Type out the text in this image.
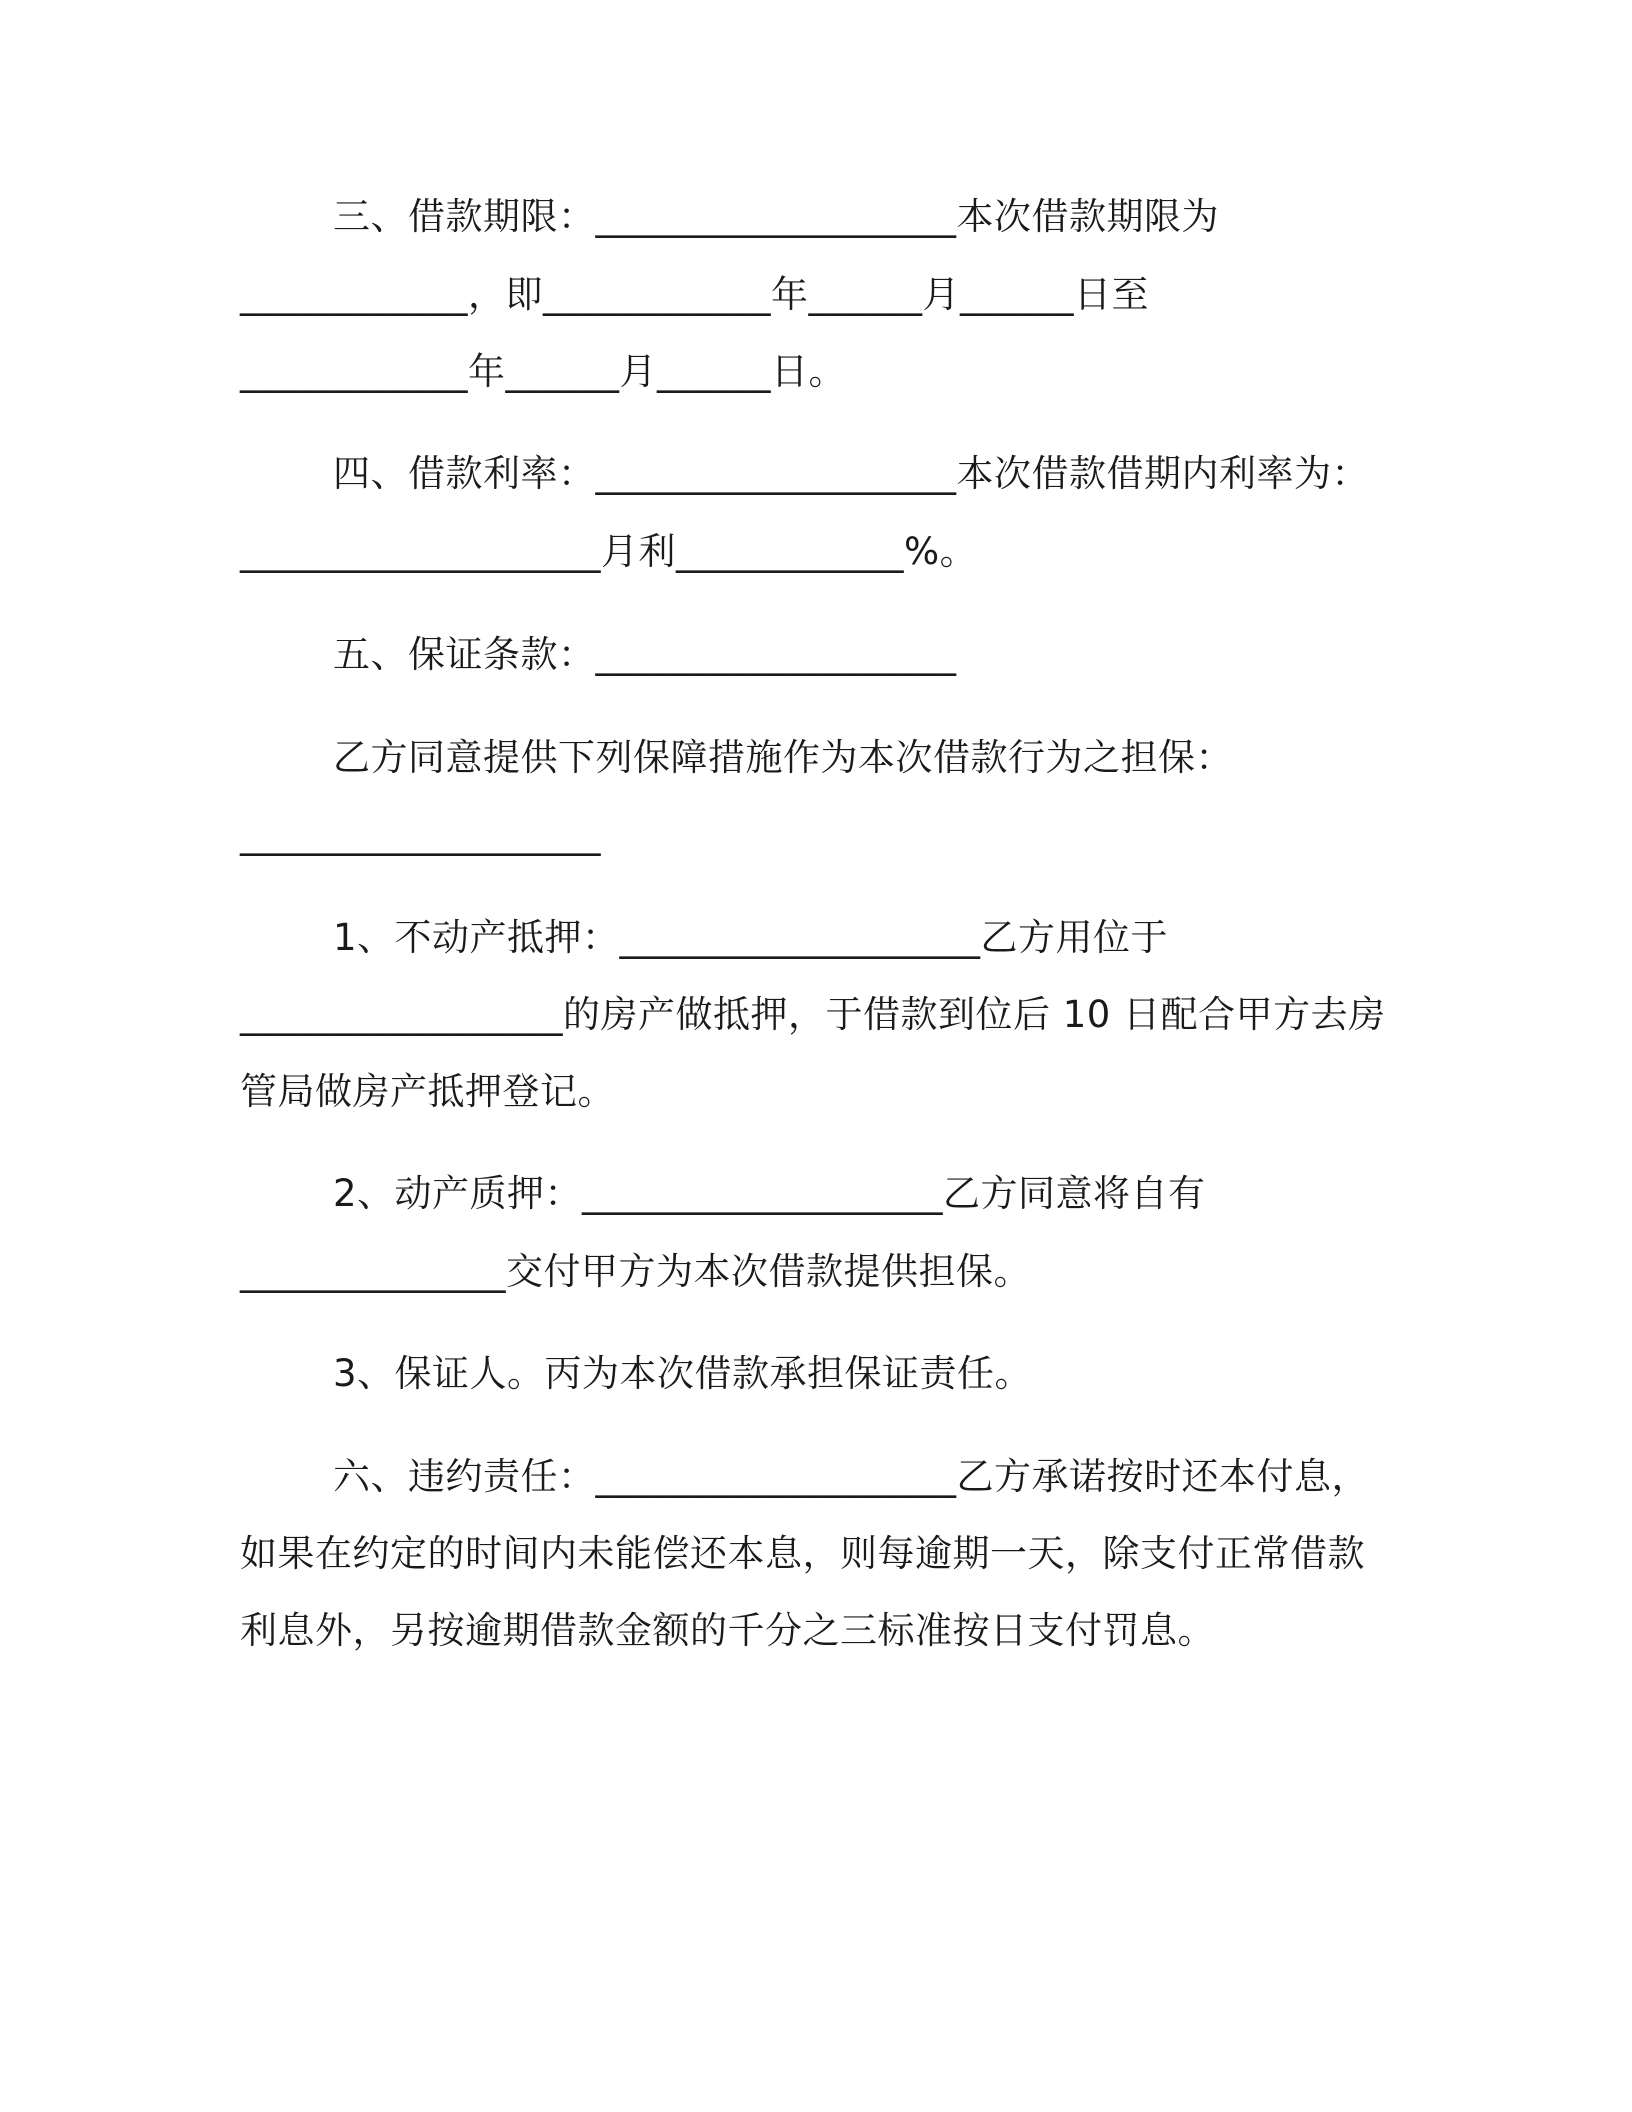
三、借款期限：___________________本次借款期限为
____________，即____________年______月______日至
____________年______月______日。
四、借款利率：___________________本次借款借期内利率为：
___________________月利____________%。
五、保证条款：___________________
乙方同意提供下列保障措施作为本次借款行为之担保：
___________________
1、不动产抵押：___________________乙方用位于
_________________的房产做抵押，于借款到位后 10 日配合甲方去房
管局做房产抵押登记。
2、动产质押：___________________乙方同意将自有
______________交付甲方为本次借款提供担保。
3、保证人。丙为本次借款承担保证责任。
六、违约责任：___________________乙方承诺按时还本付息，
如果在约定的时间内未能偿还本息，则每逾期一天，除支付正常借款
利息外，另按逾期借款金额的千分之三标准按日支付罚息。
